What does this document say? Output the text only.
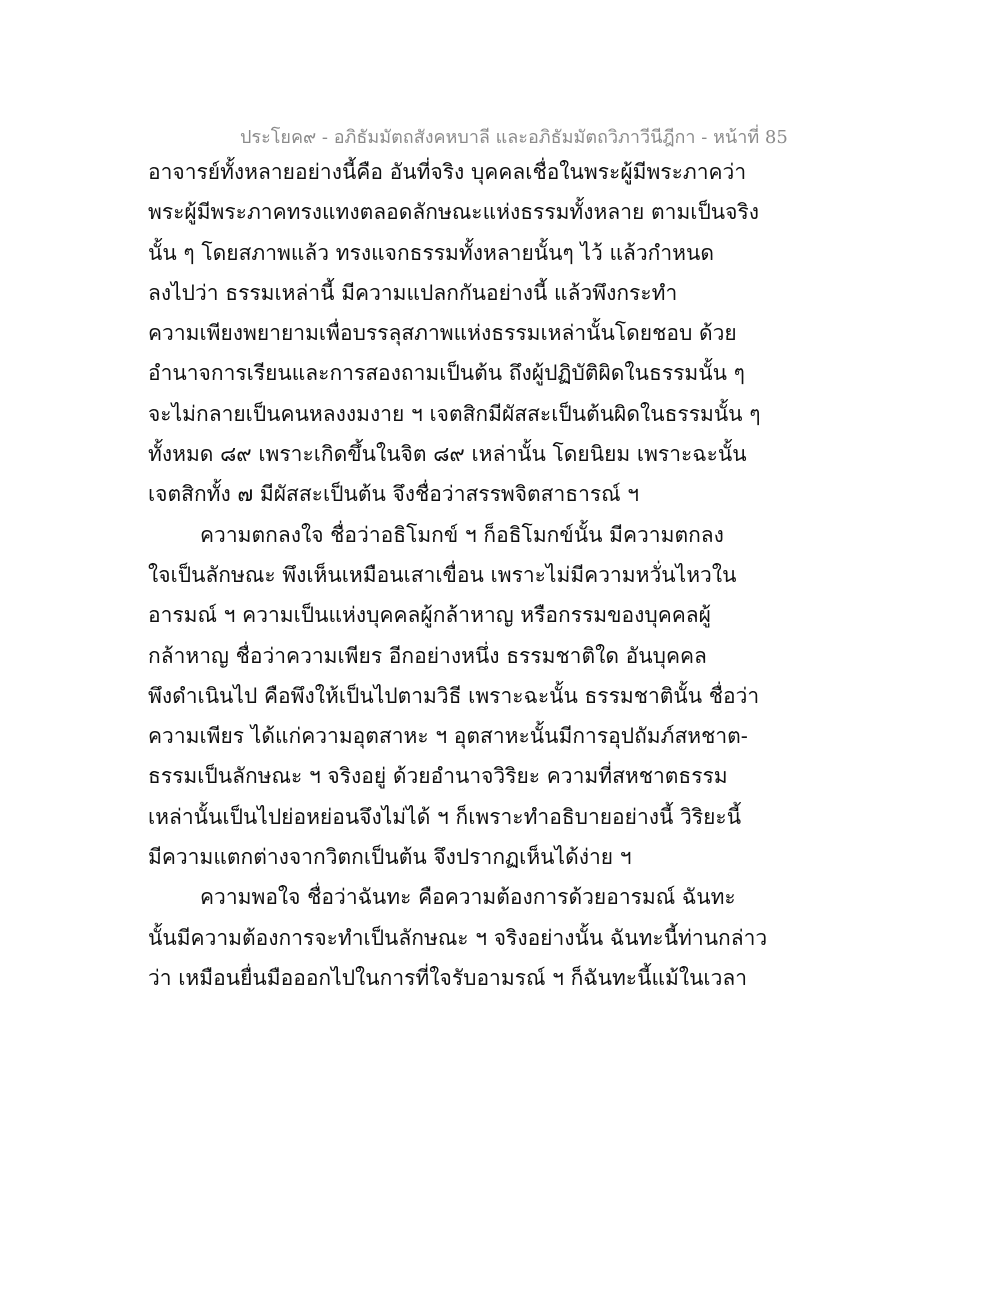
ประโยค๙ - อภิธัมมัตถสังคหบาลี และอภิธัมมัตถวิภาวีนีฎีกา - หน้าที่ 85
อาจารย์ทั้งหลายอย่างนี้คือ อันที่จริง บุคคลเชื่อในพระผู้มีพระภาคว่า
พระผู้มีพระภาคทรงแทงตลอดลักษณะแห่งธรรมทั้งหลาย ตามเป็นจริง
นั้น ๆ โดยสภาพแล้ว ทรงแจกธรรมทั้งหลายนั้นๆ ไว้ แล้วกำหนด
ลงไปว่า ธรรมเหล่านี้ มีความแปลกกันอย่างนี้ แล้วพึงกระทำ
ความเพียงพยายามเพื่อบรรลุสภาพแห่งธรรมเหล่านั้นโดยชอบ ด้วย
อำนาจการเรียนและการสองถามเป็นต้น ถึงผู้ปฏิบัติผิดในธรรมนั้น ๆ
จะไม่กลายเป็นคนหลงงมงาย ฯ เจตสิกมีผัสสะเป็นต้นผิดในธรรมนั้น ๆ
ทั้งหมด ๘๙ เพราะเกิดขึ้นในจิต ๘๙ เหล่านั้น โดยนิยม เพราะฉะนั้น
เจตสิกทั้ง ๗ มีผัสสะเป็นต้น จึงชื่อว่าสรรพจิตสาธารณ์ ฯ
ความตกลงใจ ชื่อว่าอธิโมกข์ ฯ ก็อธิโมกข์นั้น มีความตกลง
ใจเป็นลักษณะ พึงเห็นเหมือนเสาเขื่อน เพราะไม่มีความหวั่นไหวใน
อารมณ์ ฯ ความเป็นแห่งบุคคลผู้กล้าหาญ หรือกรรมของบุคคลผู้
กล้าหาญ ชื่อว่าความเพียร อีกอย่างหนึ่ง ธรรมชาติใด อันบุคคล
พึงดำเนินไป คือพึงให้เป็นไปตามวิธี เพราะฉะนั้น ธรรมชาตินั้น ชื่อว่า
ความเพียร ได้แก่ความอุตสาหะ ฯ อุตสาหะนั้นมีการอุปถัมภ์สหชาต-
ธรรมเป็นลักษณะ ฯ จริงอยู่ ด้วยอำนาจวิริยะ ความที่สหชาตธรรม
เหล่านั้นเป็นไปย่อหย่อนจึงไม่ได้ ฯ ก็เพราะทำอธิบายอย่างนี้ วิริยะนี้
มีความแตกต่างจากวิตกเป็นต้น จึงปรากฏเห็นได้ง่าย ฯ
ความพอใจ ชื่อว่าฉันทะ คือความต้องการด้วยอารมณ์ ฉันทะ
นั้นมีความต้องการจะทำเป็นลักษณะ ฯ จริงอย่างนั้น ฉันทะนี้ท่านกล่าว
ว่า เหมือนยื่นมือออกไปในการที่ใจรับอามรณ์ ฯ ก็ฉันทะนี้แม้ในเวลา
